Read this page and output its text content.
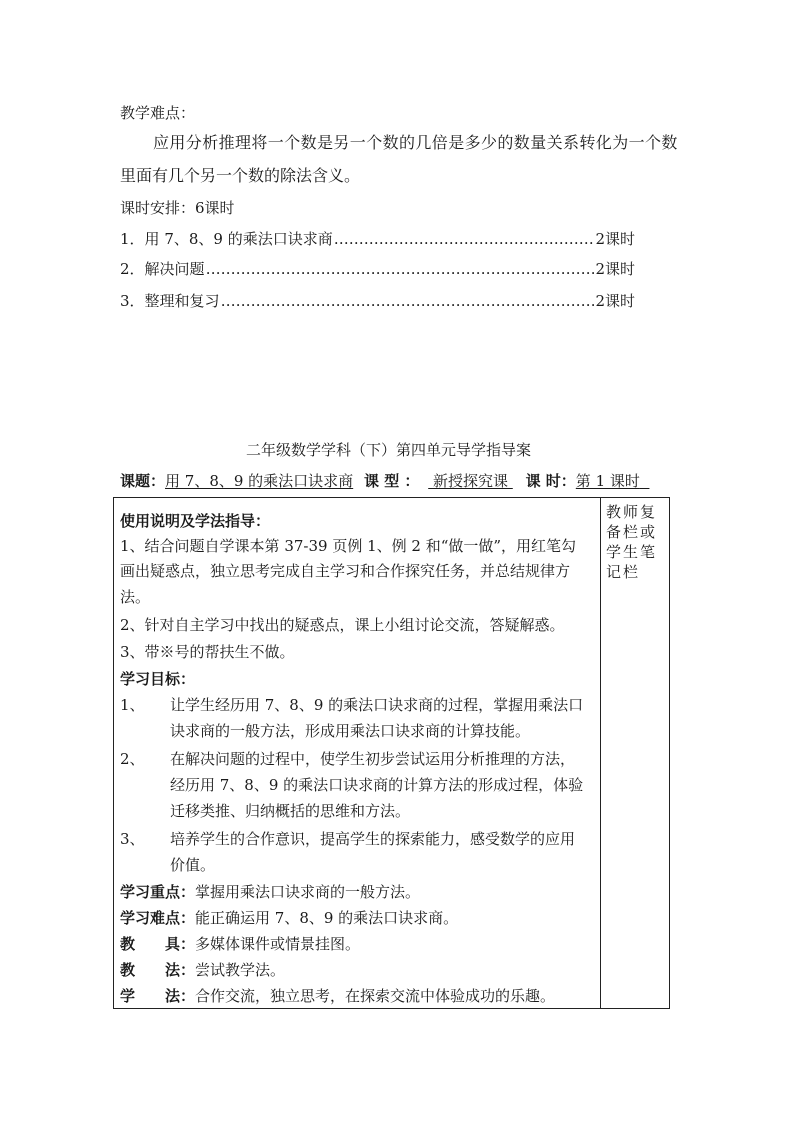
教学难点：
应用分析推理将一个数是另一个数的几倍是多少的数量关系转化为一个数
里面有几个另一个数的除法含义。
课时安排：6课时
1． 用 7、8、9 的乘法口诀求商 ………………………………………………………………………………………………………………………	2课时
2． 解决问题 ………………………………………………………………………………………………………………………	2课时
3． 整理和复习 ………………………………………………………………………………………………………………………	2课时
二年级数学学科（下）第四单元导学指导案
课题：用 7、8、9 的乘法口诀求商 课 型 ： 新授探究课 课 时：第 1 课时
使用说明及学法指导：
1、结合问题自学课本第 37-39 页例 1、例 2 和“做一做”，用红笔勾
画出疑惑点，独立思考完成自主学习和合作探究任务，并总结规律方
法。
2、针对自主学习中找出的疑惑点，课上小组讨论交流，答疑解惑。
3、带※号的帮扶生不做。
学习目标：
1、 让学生经历用 7、8、9 的乘法口诀求商的过程，掌握用乘法口
诀求商的一般方法，形成用乘法口诀求商的计算技能。
2、 在解决问题的过程中，使学生初步尝试运用分析推理的方法，
经历用 7、8、9 的乘法口诀求商的计算方法的形成过程，体验
迁移类推、归纳概括的思维和方法。
3、 培养学生的合作意识，提高学生的探索能力，感受数学的应用
价值。
学习重点：掌握用乘法口诀求商的一般方法。
学习难点：能正确运用 7、8、9 的乘法口诀求商。
教　　具：多媒体课件或情景挂图。
教　　法：尝试教学法。
学　　法：合作交流，独立思考，在探索交流中体验成功的乐趣。
教师复备栏或学生笔记栏
